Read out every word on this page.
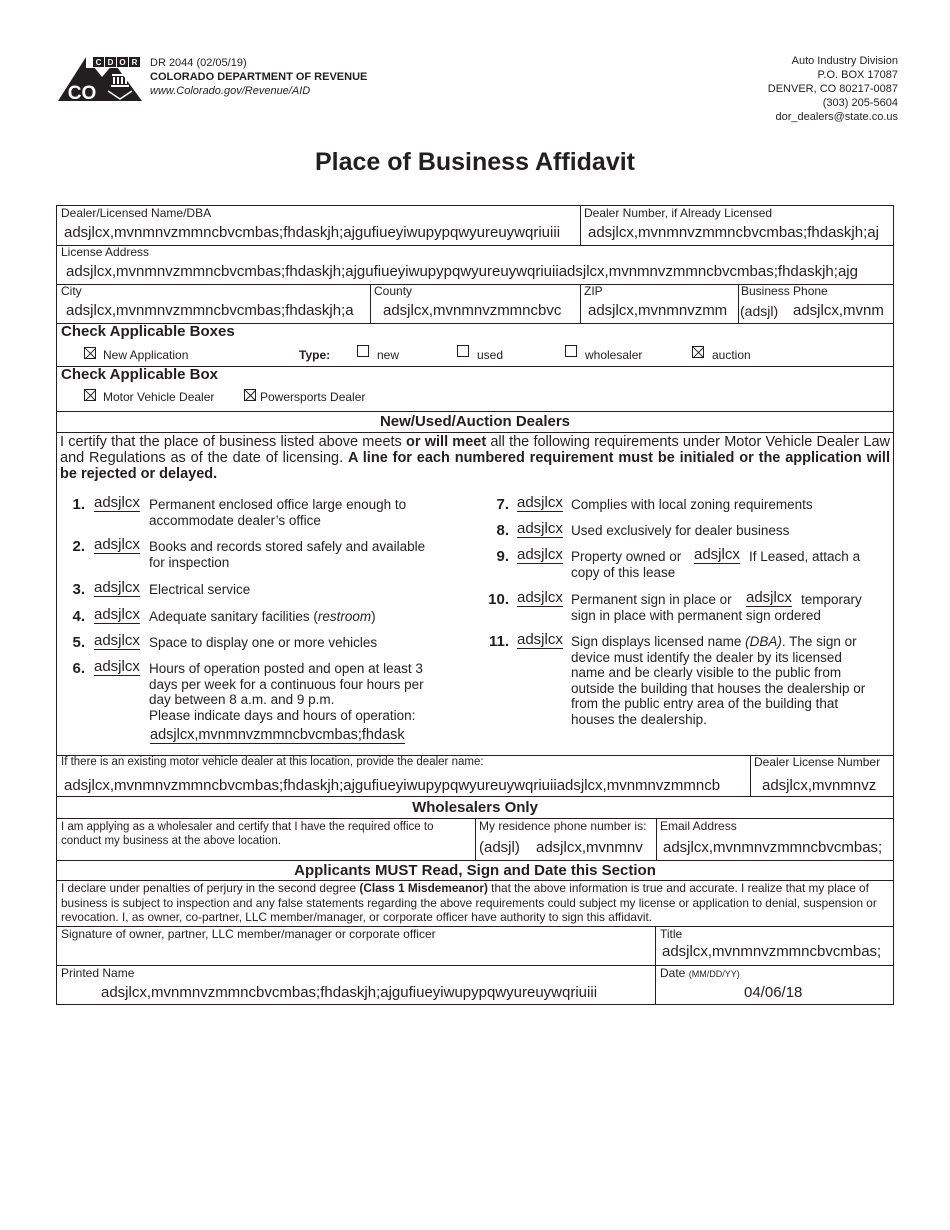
C D O R
CO
DR 2044 (02/05/19)
COLORADO DEPARTMENT OF REVENUE
www.Colorado.gov/Revenue/AID
Auto Industry Division
P.O. BOX 17087
DENVER, CO 80217-0087
(303) 205-5604
dor_dealers@state.co.us
Place of Business Affidavit
Dealer/Licensed Name/DBA
adsjlcx,mvnmnvzmmncbvcmbas;fhdaskjh;ajgufiueyiwupypqwyureuywqriuiii
Dealer Number, if Already Licensed
adsjlcx,mvnmnvzmmncbvcmbas;fhdaskjh;aj
License Address
adsjlcx,mvnmnvzmmncbvcmbas;fhdaskjh;ajgufiueyiwupypqwyureuywqriuiiadsjlcx,mvnmnvzmmncbvcmbas;fhdaskjh;ajg
City
adsjlcx,mvnmnvzmmncbvcmbas;fhdaskjh;a
County
adsjlcx,mvnmnvzmmncbvc
ZIP
adsjlcx,mvnmnvzmm
Business Phone
(adsjl) adsjlcx,mvnm
Check Applicable Boxes
New Application	Type:	new	used	wholesaler	auction
Check Applicable Box
Motor Vehicle Dealer	Powersports Dealer
New/Used/Auction Dealers
I certify that the place of business listed above meets or will meet all the following requirements under Motor Vehicle Dealer Law and Regulations as of the date of licensing. A line for each numbered requirement must be initialed or the application will be rejected or delayed.
1. adsjlcx Permanent enclosed office large enough to accommodate dealer’s office
2. adsjlcx Books and records stored safely and available for inspection
3. adsjlcx Electrical service
4. adsjlcx Adequate sanitary facilities (restroom)
5. adsjlcx Space to display one or more vehicles
6. adsjlcx Hours of operation posted and open at least 3 days per week for a continuous four hours per day between 8 a.m. and 9 p.m.
Please indicate days and hours of operation:
adsjlcx,mvnmnvzmmncbvcmbas;fhdask
7. adsjlcx Complies with local zoning requirements
8. adsjlcx Used exclusively for dealer business
9. adsjlcx Property owned or adsjlcx If Leased, attach a
copy of this lease
10. adsjlcx Permanent sign in place or adsjlcx temporary
sign in place with permanent sign ordered
11. adsjlcx Sign displays licensed name (DBA). The sign or device must identify the dealer by its licensed name and be clearly visible to the public from outside the building that houses the dealership or from the public entry area of the building that houses the dealership.
If there is an existing motor vehicle dealer at this location, provide the dealer name:
adsjlcx,mvnmnvzmmncbvcmbas;fhdaskjh;ajgufiueyiwupypqwyureuywqriuiiadsjlcx,mvnmnvzmmncb
Dealer License Number
adsjlcx,mvnmnvz
Wholesalers Only
I am applying as a wholesaler and certify that I have the required office to conduct my business at the above location.
My residence phone number is:
(adsjl) adsjlcx,mvnmnv
Email Address
adsjlcx,mvnmnvzmmncbvcmbas;
Applicants MUST Read, Sign and Date this Section
I declare under penalties of perjury in the second degree (Class 1 Misdemeanor) that the above information is true and accurate. I realize that my place of business is subject to inspection and any false statements regarding the above requirements could subject my license or application to denial, suspension or revocation. I, as owner, co-partner, LLC member/manager, or corporate officer have authority to sign this affidavit.
Signature of owner, partner, LLC member/manager or corporate officer	Title
adsjlcx,mvnmnvzmmncbvcmbas;
Printed Name
adsjlcx,mvnmnvzmmncbvcmbas;fhdaskjh;ajgufiueyiwupypqwyureuywqriuiii
Date (MM/DD/YY)
04/06/18
